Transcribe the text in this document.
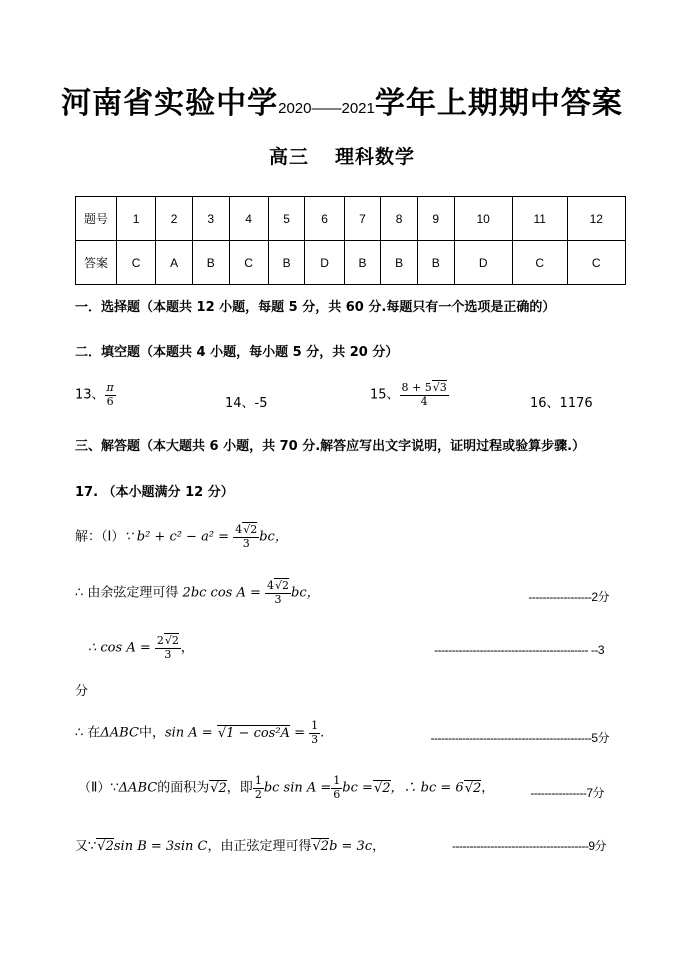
河南省实验中学2020——2021学年上期期中答案
高三 理科数学
题号	1	2	3	4	5	6	7	8	9	10	11	12
答案	C	A	B	C	B	D	B	B	B	D	C	C
一．选择题（本题共 12 小题，每题 5 分，共 60 分.每题只有一个选项是正确的）
二．填空题（本题共 4 小题，每小题 5 分，共 20 分）
13、 $\frac{\pi}{6}$	14、-5
15、 $\frac{8 + 5√3}{4}$	16、1176
三、解答题（本大题共 6 小题，共 70 分.解答应写出文字说明，证明过程或验算步骤.）
17. （本小题满分 12 分）
解：（Ⅰ）∵ $b^2 + c^2 - a^2 = \frac{4√2}{3}$ bc，
∴ 由余弦定理可得 2bc $\cos A = \frac{4√2}{3}$ bc，	------------------2分
∴ $\cos A = \frac{2√2}{3}$ ，	-------------------------------------------- --3
分
∴ 在ΔABC中，$\sin A = √1 - \cos^2A = \frac{1}{3}$ .	----------------------------------------------5分
（Ⅱ）∵ΔABC的面积为√2，即 $\frac{1}{2}$ bc $\sin A = \frac{1}{6}$ bc =√2，∴ bc = 6√2，	----------------7分
又∵√2sin B = 3sin C，由正弦定理可得√2b = 3c，	---------------------------------------9分
